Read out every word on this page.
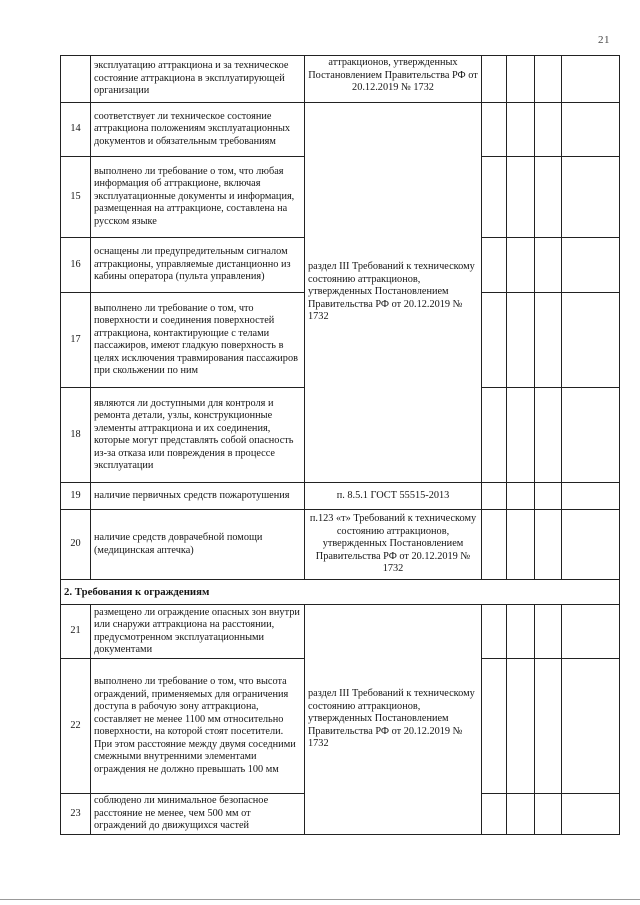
21
	эксплуатацию аттракциона и за техническое состояние аттракциона в эксплуатирующей организации	аттракционов, утвержденных Постановлением Правительства РФ от 20.12.2019 № 1732				
14	соответствует ли техническое состояние аттракциона положениям эксплуатационных документов и обязательным требованиям	раздел III Требований к техническому состоянию аттракционов, утвержденных Постановлением Правительства РФ от 20.12.2019 № 1732				
15	выполнено ли требование о том, что любая информация об аттракционе, включая эксплуатационные документы и информация, размещенная на аттракционе, составлена на русском языке					
16	оснащены ли предупредительным сигналом аттракционы, управляемые дистанционно из кабины оператора (пульта управления)					
17	выполнено ли требование о том, что поверхности и соединения поверхностей аттракциона, контактирующие с телами пассажиров, имеют гладкую поверхность в целях исключения травмирования пассажиров при скольжении по ним					
18	являются ли доступными для контроля и ремонта детали, узлы, конструкционные элементы аттракциона и их соединения, которые могут представлять собой опасность из-за отказа или повреждения в процессе эксплуатации					
19	наличие первичных средств пожаротушения	п. 8.5.1 ГОСТ 55515-2013				
20	наличие средств доврачебной помощи (медицинская аптечка)	п.123 «т» Требований к техническому состоянию аттракционов, утвержденных Постановлением Правительства РФ от 20.12.2019 № 1732				
2. Требования к ограждениям						
21	размещено ли ограждение опасных зон внутри или снаружи аттракциона на расстоянии, предусмотренном эксплуатационными документами	раздел III Требований к техническому состоянию аттракционов, утвержденных Постановлением Правительства РФ от 20.12.2019 № 1732				
22	выполнено ли требование о том, что высота ограждений, применяемых для ограничения доступа в рабочую зону аттракциона, составляет не менее 1100 мм относительно поверхности, на которой стоят посетители. При этом расстояние между двумя соседними смежными внутренними элементами ограждения не должно превышать 100 мм					
23	соблюдено ли минимальное безопасное расстояние не менее, чем 500 мм от ограждений до движущихся частей					
